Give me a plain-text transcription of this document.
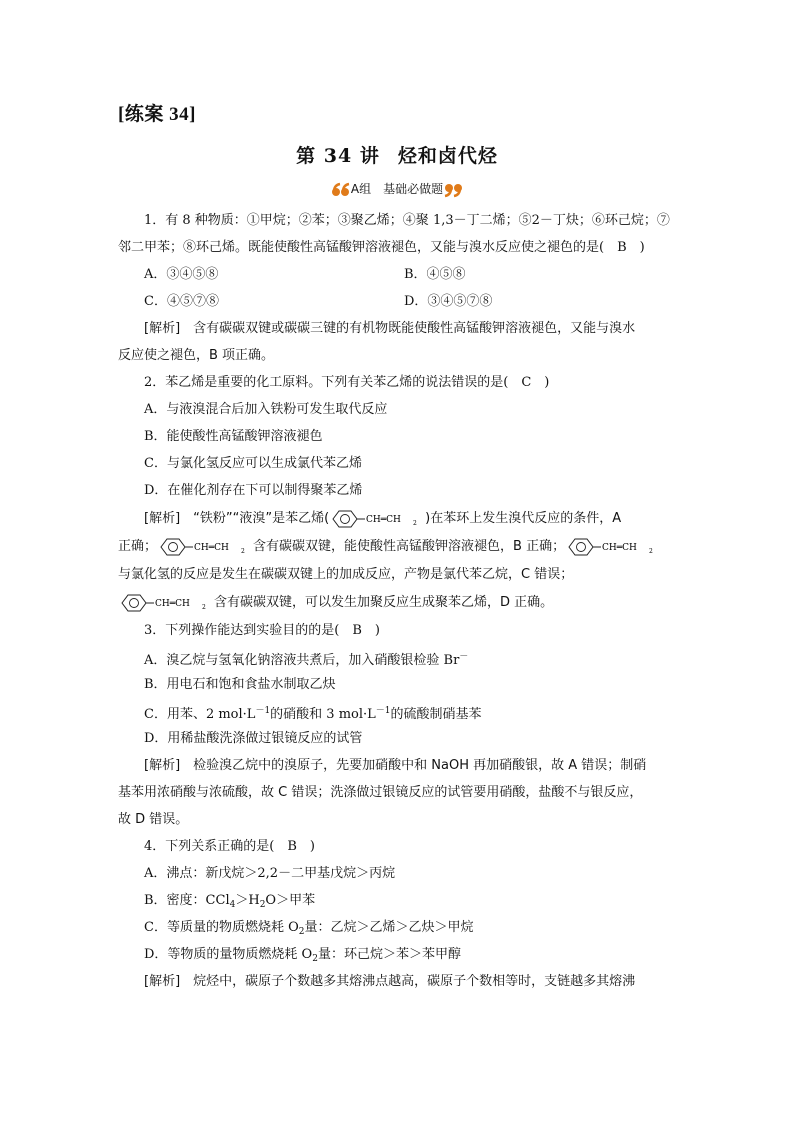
[练案 34]
第 34 讲 烃和卤代烃
A组　基础必做题
1．有 8 种物质：①甲烷；②苯；③聚乙烯；④聚 1,3－丁二烯；⑤2－丁炔；⑥环己烷；⑦
邻二甲苯；⑧环己烯。既能使酸性高锰酸钾溶液褪色，又能与溴水反应使之褪色的是(　B　)
A．③④⑤⑧	B．④⑤⑧
C．④⑤⑦⑧	D．③④⑤⑦⑧
[解析]　含有碳碳双键或碳碳三键的有机物既能使酸性高锰酸钾溶液褪色，又能与溴水
反应使之褪色，B 项正确。
2．苯乙烯是重要的化工原料。下列有关苯乙烯的说法错误的是(　C　)
A．与液溴混合后加入铁粉可发生取代反应
B．能使酸性高锰酸钾溶液褪色
C．与氯化氢反应可以生成氯代苯乙烯
D．在催化剂存在下可以制得聚苯乙烯
[解析]　“铁粉”“液溴”是苯乙烯(	CH═CH 2 )在苯环上发生溴代反应的条件，A
正确；	CH═CH 2 含有碳碳双键，能使酸性高锰酸钾溶液褪色，B 正确；	CH═CH 2
与氯化氢的反应是发生在碳碳双键上的加成反应，产物是氯代苯乙烷，C 错误；
CH═CH 2 含有碳碳双键，可以发生加聚反应生成聚苯乙烯，D 正确。
3．下列操作能达到实验目的的是(　B　)
A．溴乙烷与氢氧化钠溶液共煮后，加入硝酸银检验 Br－
B．用电石和饱和食盐水制取乙炔
C．用苯、2 $mol\cdot L^{-1}$的硝酸和 3 $mol\cdot L^{-1}$的硫酸制硝基苯
D．用稀盐酸洗涤做过银镜反应的试管
[解析]　检验溴乙烷中的溴原子，先要加硝酸中和 NaOH 再加硝酸银，故 A 错误；制硝
基苯用浓硝酸与浓硫酸，故 C 错误；洗涤做过银镜反应的试管要用硝酸，盐酸不与银反应，
故 D 错误。
4．下列关系正确的是(　B　)
A．沸点：新戊烷＞2,2－二甲基戊烷＞丙烷
B．密度：$CCl_4>H_2O>$甲苯
C．等质量的物质燃烧耗 $O_2$量：乙烷＞乙烯＞乙炔＞甲烷
D．等物质的量物质燃烧耗 $O_2$量：环己烷＞苯＞苯甲醇
[解析]　烷烃中，碳原子个数越多其熔沸点越高，碳原子个数相等时，支链越多其熔沸
